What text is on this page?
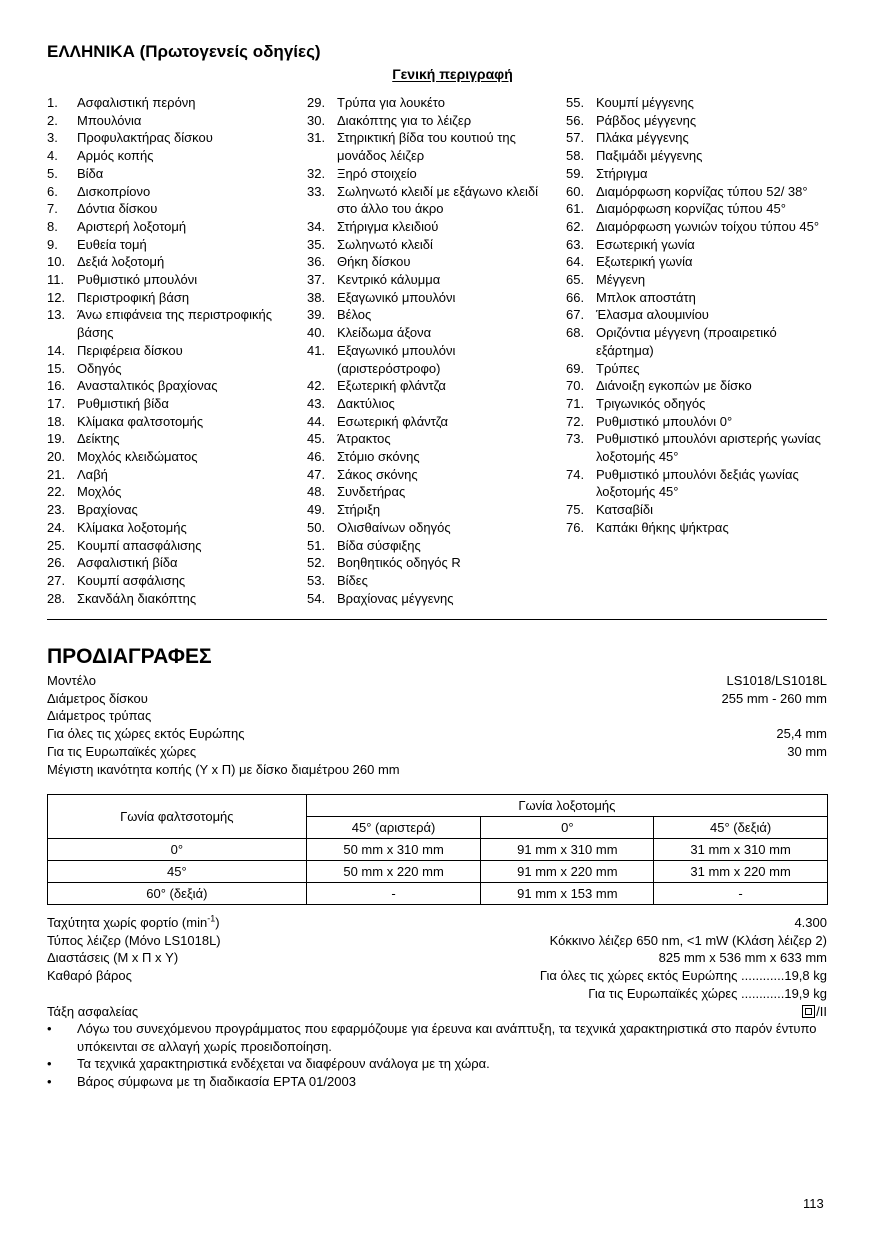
ΕΛΛΗΝΙΚΑ (Πρωτογενείς οδηγίες)
Γενική περιγραφή
1.	Ασφαλιστική περόνη
2.	Μπουλόνια
3.	Προφυλακτήρας δίσκου
4.	Αρμός κοπής
5.	Βίδα
6.	Δισκοπρίονο
7.	Δόντια δίσκου
8.	Αριστερή λοξοτομή
9.	Ευθεία τομή
10. Δεξιά λοξοτομή
11. Ρυθμιστικό μπουλόνι
12. Περιστροφική βάση
13. Άνω επιφάνεια της περιστροφικής βάσης
14. Περιφέρεια δίσκου
15. Οδηγός
16. Ανασταλτικός βραχίονας
17. Ρυθμιστική βίδα
18. Κλίμακα φαλτσοτομής
19. Δείκτης
20. Μοχλός κλειδώματος
21. Λαβή
22. Μοχλός
23. Βραχίονας
24. Κλίμακα λοξοτομής
25. Κουμπί απασφάλισης
26. Ασφαλιστική βίδα
27. Κουμπί ασφάλισης
28. Σκανδάλη διακόπτης
29. Τρύπα για λουκέτο
30. Διακόπτης για το λέιζερ
31. Στηρικτική βίδα του κουτιού της μονάδος λέιζερ
32. Ξηρό στοιχείο
33. Σωληνωτό κλειδί με εξάγωνο κλειδί στο άλλο του άκρο
34. Στήριγμα κλειδιού
35. Σωληνωτό κλειδί
36. Θήκη δίσκου
37. Κεντρικό κάλυμμα
38. Εξαγωνικό μπουλόνι
39. Βέλος
40. Κλείδωμα άξονα
41. Εξαγωνικό μπουλόνι (αριστερόστροφο)
42. Εξωτερική φλάντζα
43. Δακτύλιος
44. Εσωτερική φλάντζα
45. Άτρακτος
46. Στόμιο σκόνης
47. Σάκος σκόνης
48. Συνδετήρας
49. Στήριξη
50. Ολισθαίνων οδηγός
51. Βίδα σύσφιξης
52. Βοηθητικός οδηγός R
53. Βίδες
54. Βραχίονας μέγγενης
55. Κουμπί μέγγενης
56. Ράβδος μέγγενης
57. Πλάκα μέγγενης
58. Παξιμάδι μέγγενης
59. Στήριγμα
60. Διαμόρφωση κορνίζας τύπου 52/ 38°
61. Διαμόρφωση κορνίζας τύπου 45°
62. Διαμόρφωση γωνιών τοίχου τύπου 45°
63. Εσωτερική γωνία
64. Εξωτερική γωνία
65. Μέγγενη
66. Μπλοκ αποστάτη
67. Έλασμα αλουμινίου
68. Οριζόντια μέγγενη (προαιρετικό εξάρτημα)
69. Τρύπες
70. Διάνοιξη εγκοπών με δίσκο
71. Τριγωνικός οδηγός
72. Ρυθμιστικό μπουλόνι 0°
73. Ρυθμιστικό μπουλόνι αριστερής γωνίας λοξοτομής 45°
74. Ρυθμιστικό μπουλόνι δεξιάς γωνίας λοξοτομής 45°
75. Κατσαβίδι
76. Καπάκι θήκης ψήκτρας
ΠΡΟΔΙΑΓΡΑΦΕΣ
Μοντέλο	LS1018/LS1018L
Διάμετρος δίσκου	255 mm - 260 mm
Διάμετρος τρύπας
Για όλες τις χώρες εκτός Ευρώπης	25,4 mm
Για τις Ευρωπαϊκές χώρες	30 mm
Μέγιστη ικανότητα κοπής (Υ x Π) με δίσκο διαμέτρου 260 mm
Γωνία φαλτσοτομής	Γωνία λοξοτομής		
	45° (αριστερά)	0°	45° (δεξιά)
0°	50 mm x 310 mm	91 mm x 310 mm	31 mm x 310 mm
45°	50 mm x 220 mm	91 mm x 220 mm	31 mm x 220 mm
60° (δεξιά)	-	91 mm x 153 mm	-
Ταχύτητα χωρίς φορτίο $(\min^{-1})$	4.300
Τύπος λέιζερ (Μόνο LS1018L)	Κόκκινο λέιζερ 650 nm, <1 mW (Κλάση λέιζερ 2)
Διαστάσεις (Μ x Π x Υ)	825 mm x 536 mm x 633 mm
Καθαρό βάρος	Για όλες τις χώρες εκτός Ευρώπης ............19,8 kg
Για τις Ευρωπαϊκές χώρες ............19,9 kg
Τάξη ασφαλείας	/II
•	Λόγω του συνεχόμενου προγράμματος που εφαρμόζουμε για έρευνα και ανάπτυξη, τα τεχνικά χαρακτηριστικά στο παρόν έντυπο υπόκεινται σε αλλαγή χωρίς προειδοποίηση.
•	Τα τεχνικά χαρακτηριστικά ενδέχεται να διαφέρουν ανάλογα με τη χώρα.
•	Βάρος σύμφωνα με τη διαδικασία EPTA 01/2003
113
